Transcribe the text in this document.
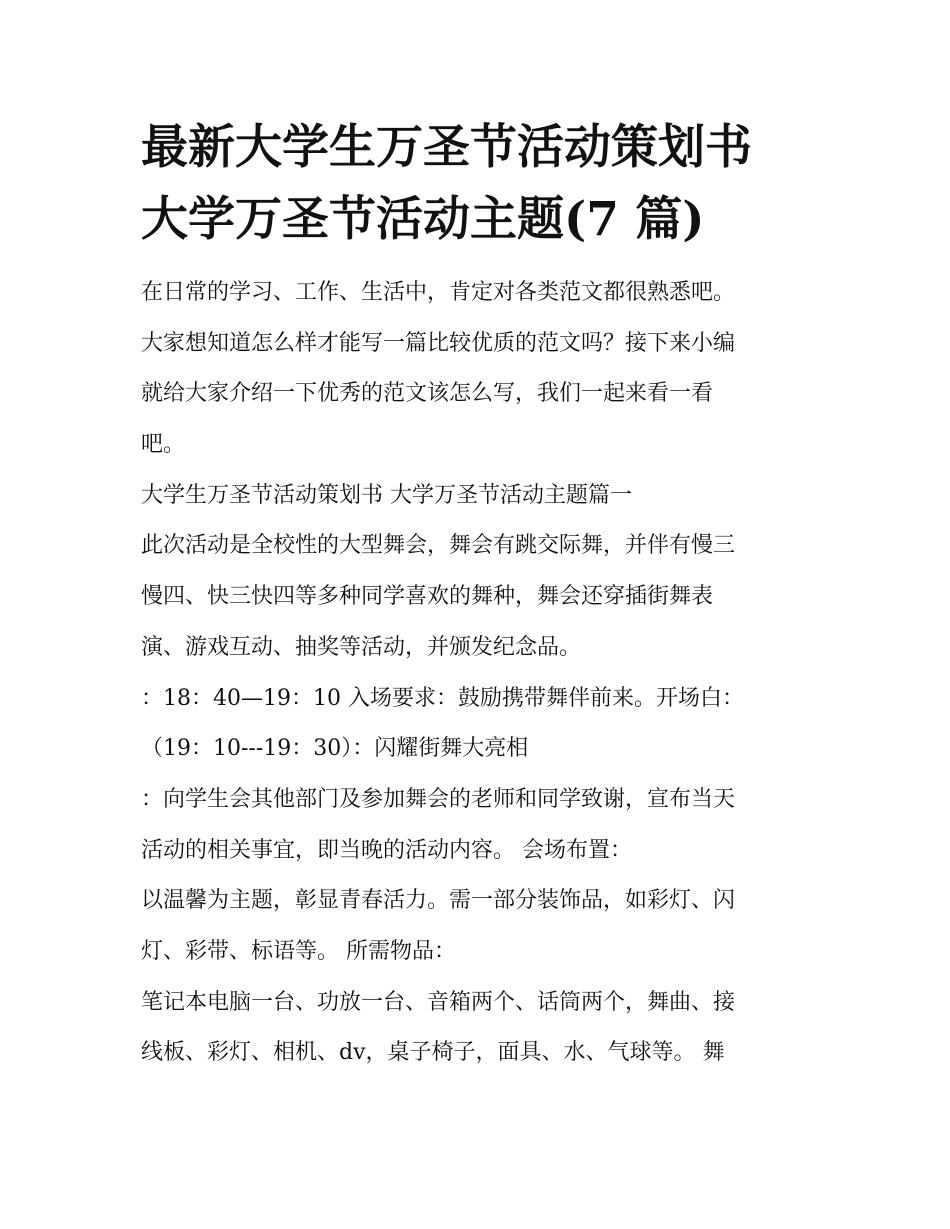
最新大学生万圣节活动策划书
大学万圣节活动主题(7 篇)
在日常的学习、工作、生活中，肯定对各类范文都很熟悉吧。
大家想知道怎么样才能写一篇比较优质的范文吗？接下来小编
就给大家介绍一下优秀的范文该怎么写，我们一起来看一看
吧。
大学生万圣节活动策划书 大学万圣节活动主题篇一
此次活动是全校性的大型舞会，舞会有跳交际舞，并伴有慢三
慢四、快三快四等多种同学喜欢的舞种，舞会还穿插街舞表
演、游戏互动、抽奖等活动，并颁发纪念品。
：18：40—19：10 入场要求：鼓励携带舞伴前来。开场白：
（19：10---19：30）：闪耀街舞大亮相
：向学生会其他部门及参加舞会的老师和同学致谢，宣布当天
活动的相关事宜，即当晚的活动内容。 会场布置：
以温馨为主题，彰显青春活力。需一部分装饰品，如彩灯、闪
灯、彩带、标语等。 所需物品：
笔记本电脑一台、功放一台、音箱两个、话筒两个，舞曲、接
线板、彩灯、相机、dv，桌子椅子，面具、水、气球等。 舞
